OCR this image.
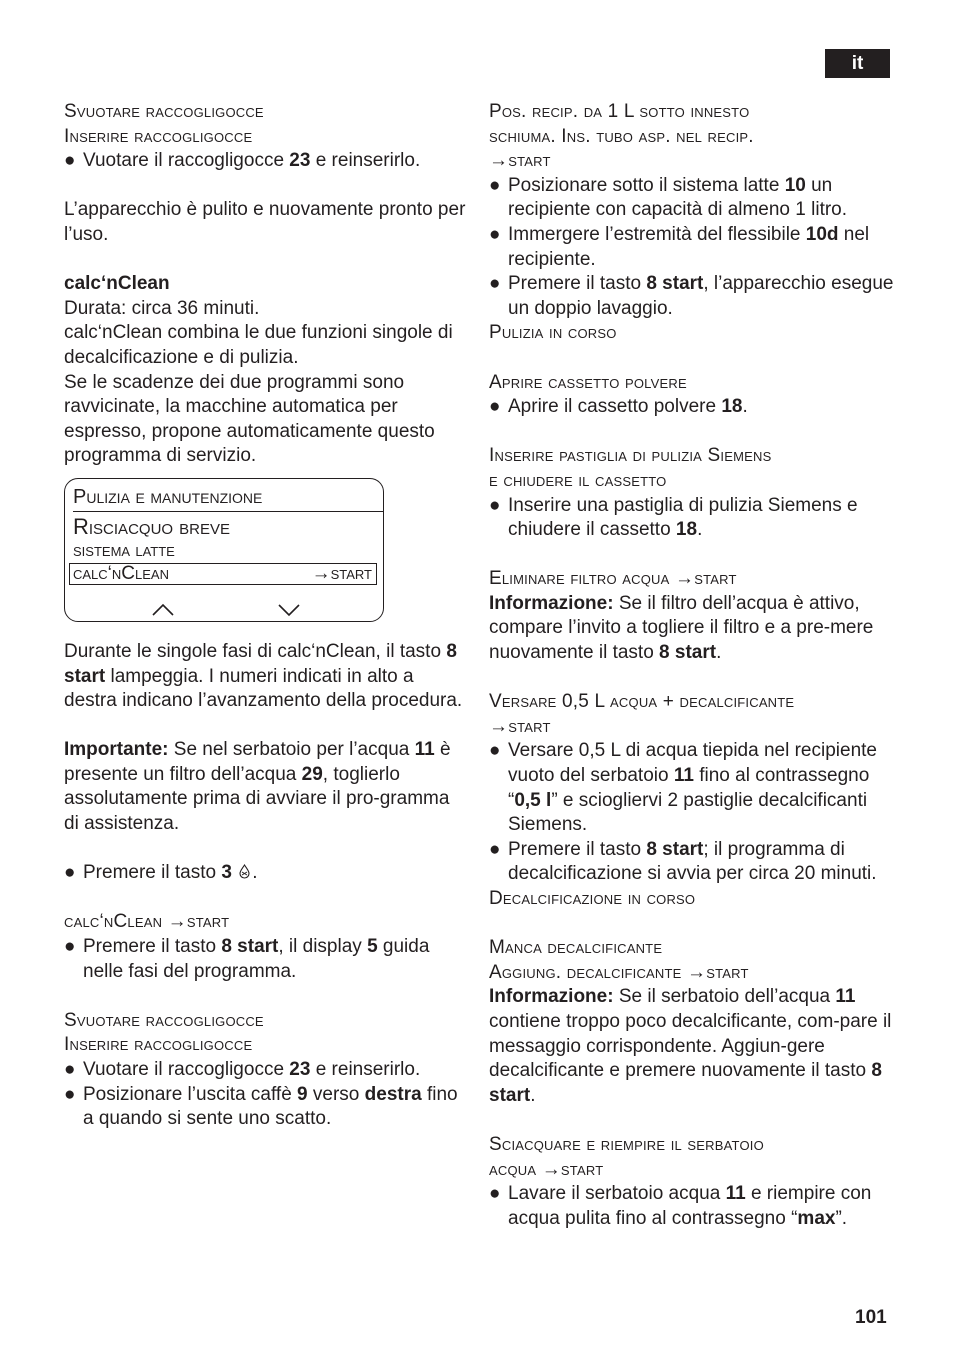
it

Svuotare raccogligocce

Inserire raccogligocce

● Vuotare il raccogligocce 23 e reinserirlo.

L’apparecchio è pulito e nuovamente pronto per l’uso.

calc‘nClean

Durata: circa 36 minuti.

calc‘nClean combina le due funzioni singole di decalcificazione e di pulizia.

Se le scadenze dei due programmi sono ravvicinate, la macchine automatica per espresso, propone automaticamente questo programma di servizio.

Pulizia e manutenzione
Risciacquo breve
sistema latte
calc‘nClean	→start

Durante le singole fasi di calc‘nClean, il tasto 8 start lampeggia. I numeri indicati in alto a destra indicano l’avanzamento della procedura.

Importante: Se nel serbatoio per l’acqua 11 è presente un filtro dell’acqua 29, toglierlo assolutamente prima di avviare il pro-gramma di assistenza.

● Premere il tasto 3 .

calc‘nClean →start

● Premere il tasto 8 start, il display 5 guida nelle fasi del programma.

Svuotare raccogligocce

Inserire raccogligocce

● Vuotare il raccogligocce 23 e reinserirlo.

● Posizionare l’uscita caffè 9 verso destra fino a quando si sente uno scatto.

Pos. recip. da 1 L sotto innesto

schiuma. Ins. tubo asp. nel recip.

→start

● Posizionare sotto il sistema latte 10 un recipiente con capacità di almeno 1 litro.

● Immergere l’estremità del flessibile 10d nel recipiente.

● Premere il tasto 8 start, l’apparecchio esegue un doppio lavaggio.

Pulizia in corso

Aprire cassetto polvere

● Aprire il cassetto polvere 18.

Inserire pastiglia di pulizia Siemens

e chiudere il cassetto

● Inserire una pastiglia di pulizia Siemens e chiudere il cassetto 18.

Eliminare filtro acqua →start

Informazione: Se il filtro dell’acqua è attivo, compare l’invito a togliere il filtro e a pre-mere nuovamente il tasto 8 start.

Versare 0,5 L acqua + decalcificante

→start

● Versare 0,5 L di acqua tiepida nel recipiente vuoto del serbatoio 11 fino al contrassegno “0,5 l” e sciogliervi 2 pastiglie decalcificanti Siemens.

● Premere il tasto 8 start; il programma di decalcificazione si avvia per circa 20 minuti.

Decalcificazione in corso

Manca decalcificante

Aggiung. decalcificante →start

Informazione: Se il serbatoio dell’acqua 11 contiene troppo poco decalcificante, com-pare il messaggio corrispondente. Aggiun-gere decalcificante e premere nuovamente il tasto 8 start.

Sciacquare e riempire il serbatoio

acqua →start

● Lavare il serbatoio acqua 11 e riempire con acqua pulita fino al contrassegno “max”.

101
